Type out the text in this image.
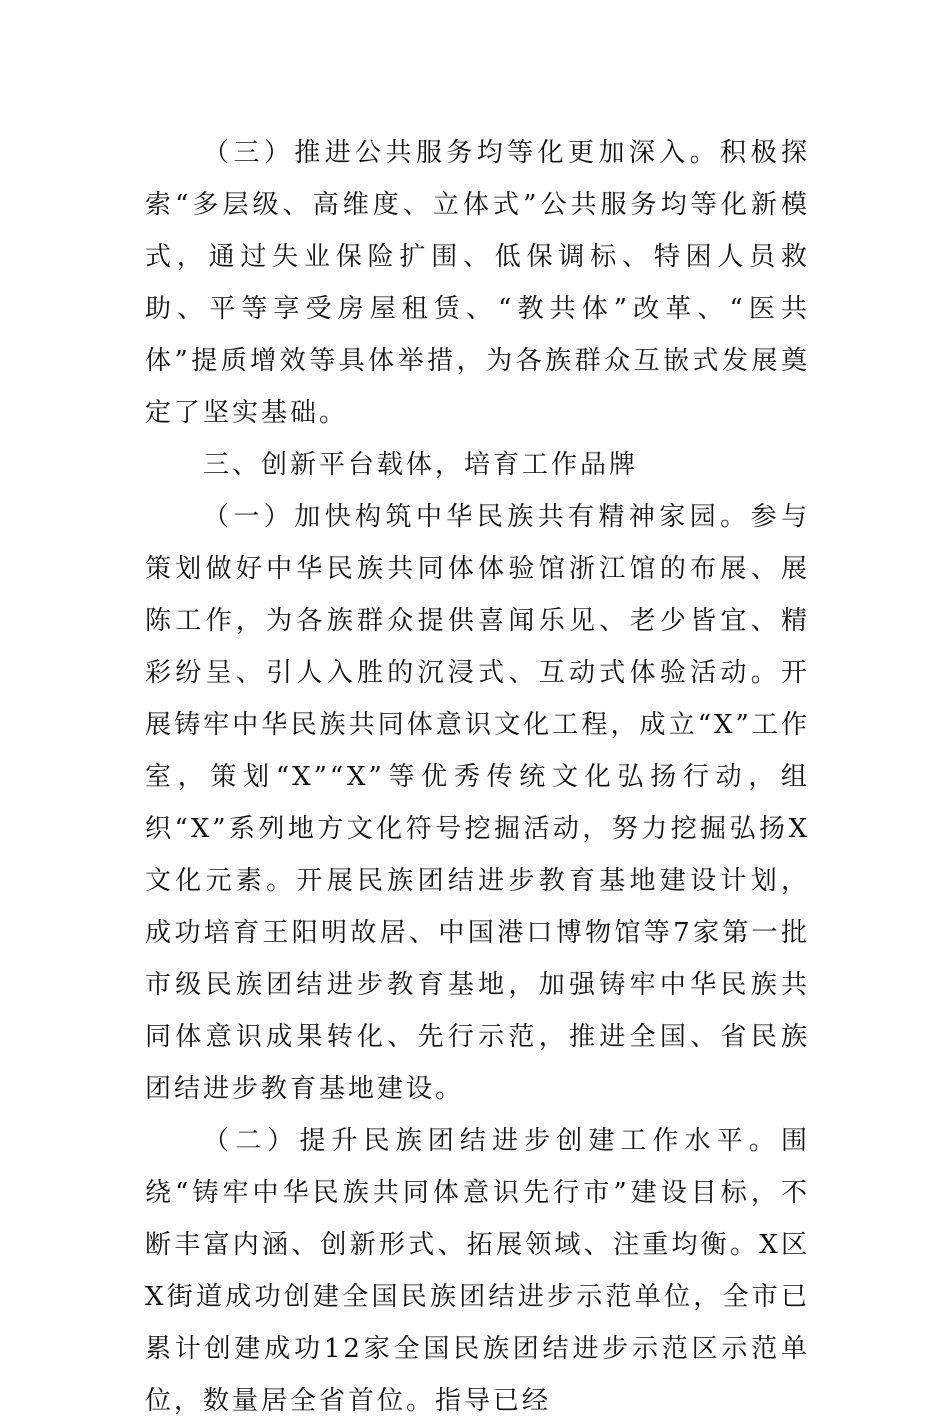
（三）推进公共服务均等化更加深入。积极探索“多层级、高维度、立体式”公共服务均等化新模式，通过失业保险扩围、低保调标、特困人员救助、平等享受房屋租赁、“教共体”改革、“医共体”提质增效等具体举措，为各族群众互嵌式发展奠定了坚实基础。

三、创新平台载体，培育工作品牌

（一）加快构筑中华民族共有精神家园。参与策划做好中华民族共同体体验馆浙江馆的布展、展陈工作，为各族群众提供喜闻乐见、老少皆宜、精彩纷呈、引人入胜的沉浸式、互动式体验活动。开展铸牢中华民族共同体意识文化工程，成立“X”工作室，策划“X”“X”等优秀传统文化弘扬行动，组织“X”系列地方文化符号挖掘活动，努力挖掘弘扬X文化元素。开展民族团结进步教育基地建设计划，成功培育王阳明故居、中国港口博物馆等7家第一批市级民族团结进步教育基地，加强铸牢中华民族共同体意识成果转化、先行示范，推进全国、省民族团结进步教育基地建设。

（二）提升民族团结进步创建工作水平。围绕“铸牢中华民族共同体意识先行市”建设目标，不断丰富内涵、创新形式、拓展领域、注重均衡。X区X街道成功创建全国民族团结进步示范单位，全市已累计创建成功12家全国民族团结进步示范区示范单位，数量居全省首位。指导已经
